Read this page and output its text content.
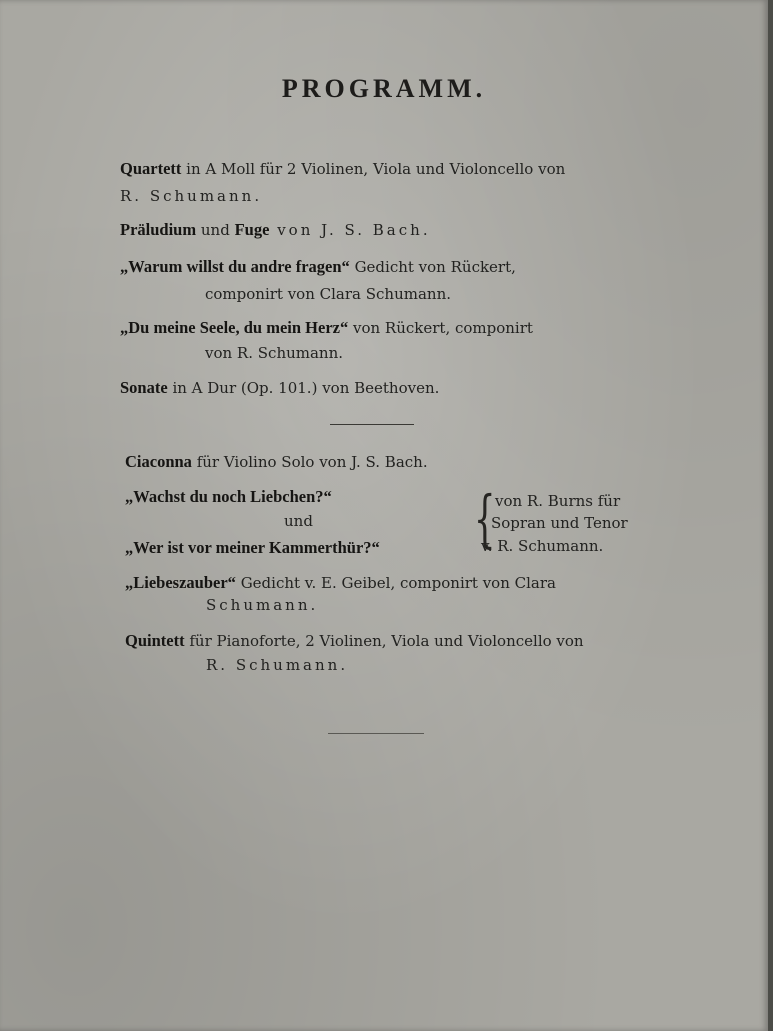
PROGRAMM.
Quartett in A Moll für 2 Violinen, Viola und Violoncello von
R. Schumann.
Präludium und Fuge von J. S. Bach.
„Warum willst du andre fragen“ Gedicht von Rückert,
componirt von Clara Schumann.
„Du meine Seele, du mein Herz“ von Rückert, componirt
von R. Schumann.
Sonate in A Dur (Op. 101.) von Beethoven.
Ciaconna für Violino Solo von J. S. Bach.
„Wachst du noch Liebchen?“
und
„Wer ist vor meiner Kammerthür?“ { von R. Burns für
Sopran und Tenor
v. R. Schumann.
„Liebeszauber“ Gedicht v. E. Geibel, componirt von Clara
Schumann.
Quintett für Pianoforte, 2 Violinen, Viola und Violoncello von
R. Schumann.
